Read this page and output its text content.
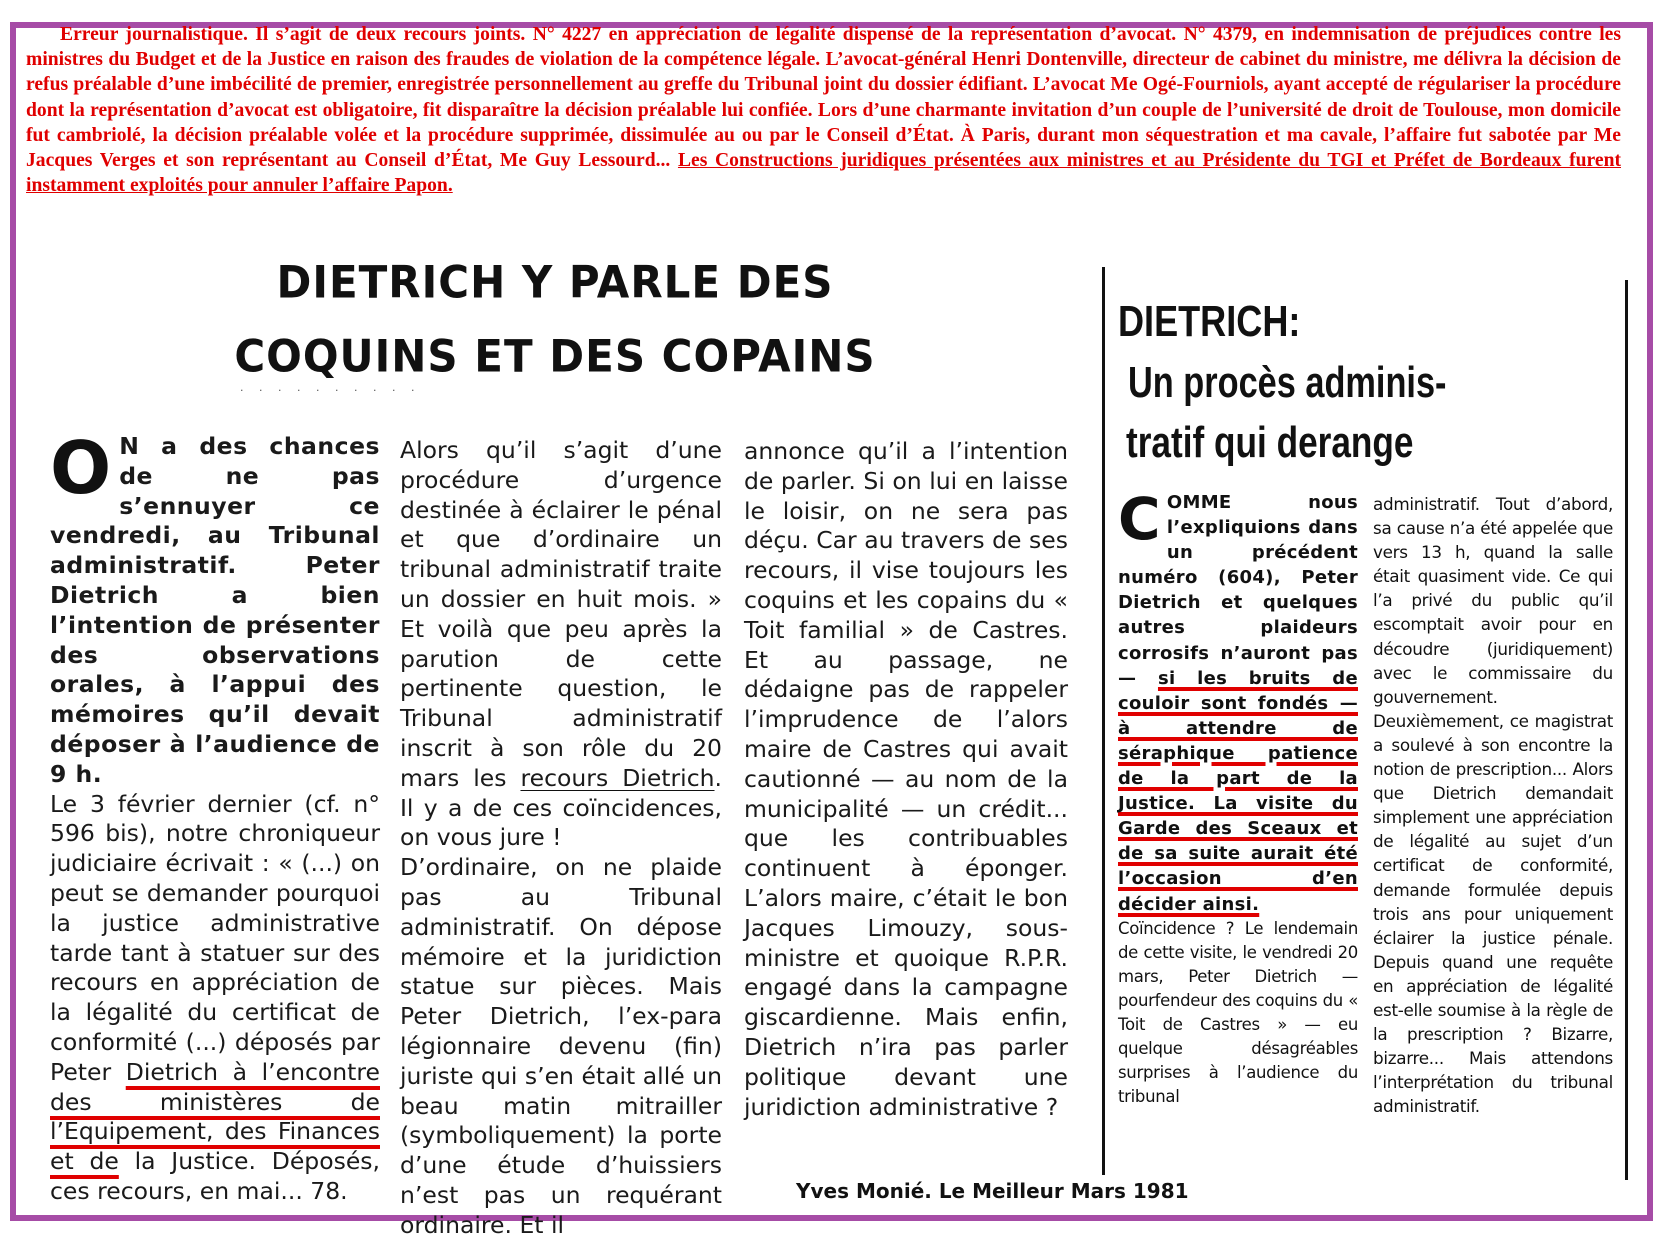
Erreur journalistique. Il s’agit de deux recours joints. N° 4227 en appréciation de légalité dispensé de la représentation d’avocat. N° 4379, en indemnisation de préjudices contre les ministres du Budget et de la Justice en raison des fraudes de violation de la compétence légale. L’avocat-général Henri Dontenville, directeur de cabinet du ministre, me délivra la décision de refus préalable d’une imbécilité de premier, enregistrée personnellement au greffe du Tribunal joint du dossier édifiant. L’avocat Me Ogé-Fourniols, ayant accepté de régulariser la procédure dont la représentation d’avocat est obligatoire, fit disparaître la décision préalable lui confiée. Lors d’une charmante invitation d’un couple de l’université de droit de Toulouse, mon domicile fut cambriolé, la décision préalable volée et la procédure supprimée, dissimulée au ou par le Conseil d’État. À Paris, durant mon séquestration et ma cavale, l’affaire fut sabotée par Me Jacques Verges et son représentant au Conseil d’État, Me Guy Lessourd... Les Constructions juridiques présentées aux ministres et au Présidente du TGI et Préfet de Bordeaux furent instamment exploités pour annuler l’affaire Papon.
DIETRICH Y PARLE DES
COQUINS ET DES COPAINS
· · · · · · · · · ·

O N a des chances de ne pas s’ennuyer ce vendredi, au Tribunal administratif. Peter Dietrich a bien l’intention de présenter des observations orales, à l’appui des mémoires qu’il devait déposer à l’audience de 9 h.

Le 3 février dernier (cf. n° 596 bis), notre chroniqueur judiciaire écrivait : « (...) on peut se demander pourquoi la justice administrative tarde tant à statuer sur des recours en appréciation de la légalité du certificat de conformité (...) déposés par Peter Dietrich à l’encontre des ministères de l’Equipement, des Finances et de la Justice. Déposés, ces recours, en mai... 78.

Alors qu’il s’agit d’une procédure d’urgence destinée à éclairer le pénal et que d’ordinaire un tribunal administratif traite un dossier en huit mois. » Et voilà que peu après la parution de cette pertinente question, le Tribunal administratif inscrit à son rôle du 20 mars les recours Dietrich. Il y a de ces coïncidences, on vous jure !

D’ordinaire, on ne plaide pas au Tribunal administratif. On dépose mémoire et la juridiction statue sur pièces. Mais Peter Dietrich, l’ex-para légionnaire devenu (fin) juriste qui s’en était allé un beau matin mitrailler (symboliquement) la porte d’une étude d’huissiers n’est pas un requérant ordinaire. Et il

annonce qu’il a l’intention de parler. Si on lui en laisse le loisir, on ne sera pas déçu. Car au travers de ses recours, il vise toujours les coquins et les copains du « Toit familial » de Castres. Et au passage, ne dédaigne pas de rappeler l’imprudence de l’alors maire de Castres qui avait cautionné — au nom de la municipalité — un crédit... que les contribuables continuent à éponger. L’alors maire, c’était le bon Jacques Limouzy, sous-ministre et quoique R.P.R. engagé dans la campagne giscardienne. Mais enfin, Dietrich n’ira pas parler politique devant une juridiction administrative ?

Yves Monié. Le Meilleur Mars 1981
DIETRICH:
Un procès adminis-
tratif qui derange

COMME nous l’expliquions dans un précédent numéro (604), Peter Dietrich et quelques autres plaideurs corrosifs n’auront pas — si les bruits de couloir sont fondés — à attendre de séraphique patience de la part de la Justice. La visite du Garde des Sceaux et de sa suite aurait été l’occasion d’en décider ainsi.

Coïncidence ? Le lendemain de cette visite, le vendredi 20 mars, Peter Dietrich — pourfendeur des coquins du « Toit de Castres » — eu quelque désagréables surprises à l’audience du tribunal

administratif. Tout d’abord, sa cause n’a été appelée que vers 13 h, quand la salle était quasiment vide. Ce qui l’a privé du public qu’il escomptait avoir pour en découdre (juridiquement) avec le commissaire du gouvernement. Deuxièmement, ce magistrat a soulevé à son encontre la notion de prescription... Alors que Dietrich demandait simplement une appréciation de légalité au sujet d’un certificat de conformité, demande formulée depuis trois ans pour uniquement éclairer la justice pénale. Depuis quand une requête en appréciation de légalité est-elle soumise à la règle de la prescription ? Bizarre, bizarre... Mais attendons l’interprétation du tribunal administratif.
